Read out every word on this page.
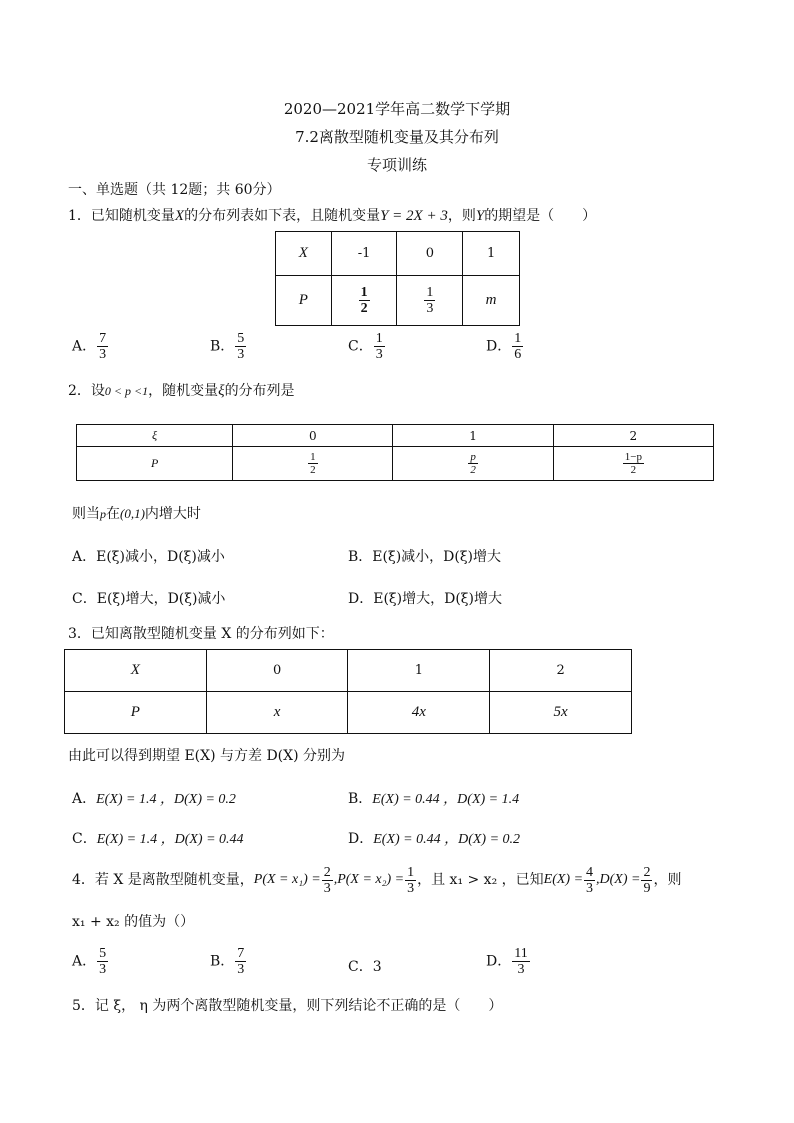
2020—2021学年高二数学下学期
7.2离散型随机变量及其分布列
专项训练
一、单选题（共 12题；共 60分）
1．已知随机变量X的分布列表如下表，且随机变量Y = 2X + 3，则Y的期望是（　　）
X	-1	0	1
P	$\frac{1}{2}$	$\frac{1}{3}$	m
A． $\frac{7}{3}$	B． $\frac{5}{3}$	C． $\frac{1}{3}$	D． $\frac{1}{6}$
2．设0 < p <1，随机变量ξ的分布列是
ξ	0	1	2
P	$\frac{1}{2}$	$\frac{p}{2}$	$\frac{1-p}{2}$
则当p在(0,1)内增大时
A．E(ξ)减小，D(ξ)减小	B．E(ξ)减小，D(ξ)增大
C．E(ξ)增大，D(ξ)减小	D．E(ξ)增大，D(ξ)增大
3．已知离散型随机变量 X 的分布列如下：
X	0	1	2
P	x	4x	5x
由此可以得到期望 E(X) 与方差 D(X) 分别为
A．E(X) = 1.4 ，D(X) = 0.2	B．E(X) = 0.44 ，D(X) = 1.4
C．E(X) = 1.4 ，D(X) = 0.44	D．E(X) = 0.44 ，D(X) = 0.2
4．若 X 是离散型随机变量， $P(X = x_1) = \frac{2}{3} ,P(X = x_2) = \frac{1}{3}$ ，且 x₁ > x₂ ，已知 $E(X) = \frac{4}{3} ,D(X) = \frac{2}{9}$ ，则
x₁ + x₂ 的值为（）
A． $\frac{5}{3}$	B． $\frac{7}{3}$	C．3	D． $\frac{11}{3}$
5．记 ξ， η 为两个离散型随机变量，则下列结论不正确的是（　　）
